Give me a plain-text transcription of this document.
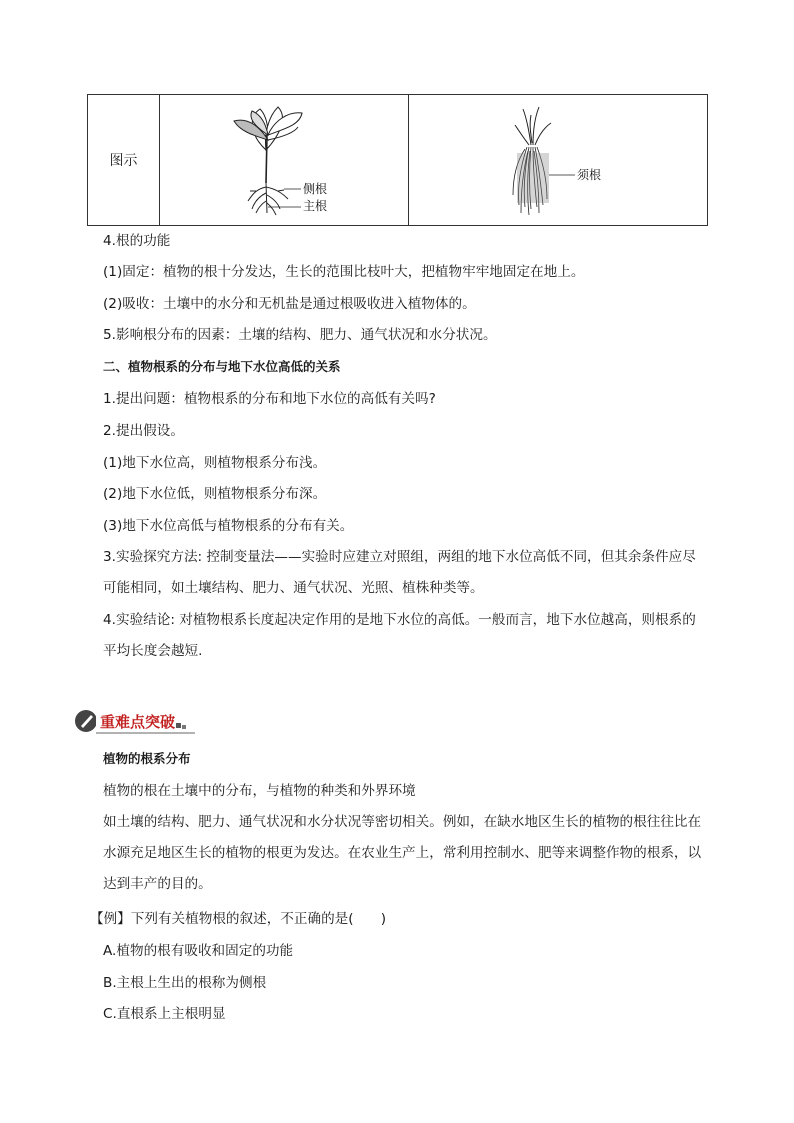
图示	
侧根
主根

须根
4.根的功能
(1)固定：植物的根十分发达，生长的范围比枝叶大，把植物牢牢地固定在地上。
(2)吸收：土壤中的水分和无机盐是通过根吸收进入植物体的。
5.影响根分布的因素：土壤的结构、肥力、通气状况和水分状况。
二、植物根系的分布与地下水位高低的关系
1.提出问题：植物根系的分布和地下水位的高低有关吗?
2.提出假设。
(1)地下水位高，则植物根系分布浅。
(2)地下水位低，则植物根系分布深。
(3)地下水位高低与植物根系的分布有关。
3.实验探究方法: 控制变量法——实验时应建立对照组，两组的地下水位高低不同，但其余条件应尽可能相同，如土壤结构、肥力、通气状况、光照、植株种类等。
4.实验结论: 对植物根系长度起决定作用的是地下水位的高低。一般而言，地下水位越高，则根系的平均长度会越短.
重难点突破
植物的根系分布
植物的根在土壤中的分布，与植物的种类和外界环境
如土壤的结构、肥力、通气状况和水分状况等密切相关。例如，在缺水地区生长的植物的根往往比在水源充足地区生长的植物的根更为发达。在农业生产上，常利用控制水、肥等来调整作物的根系，以达到丰产的目的。
【例】下列有关植物根的叙述，不正确的是(　　)
A.植物的根有吸收和固定的功能
B.主根上生出的根称为侧根
C.直根系上主根明显
